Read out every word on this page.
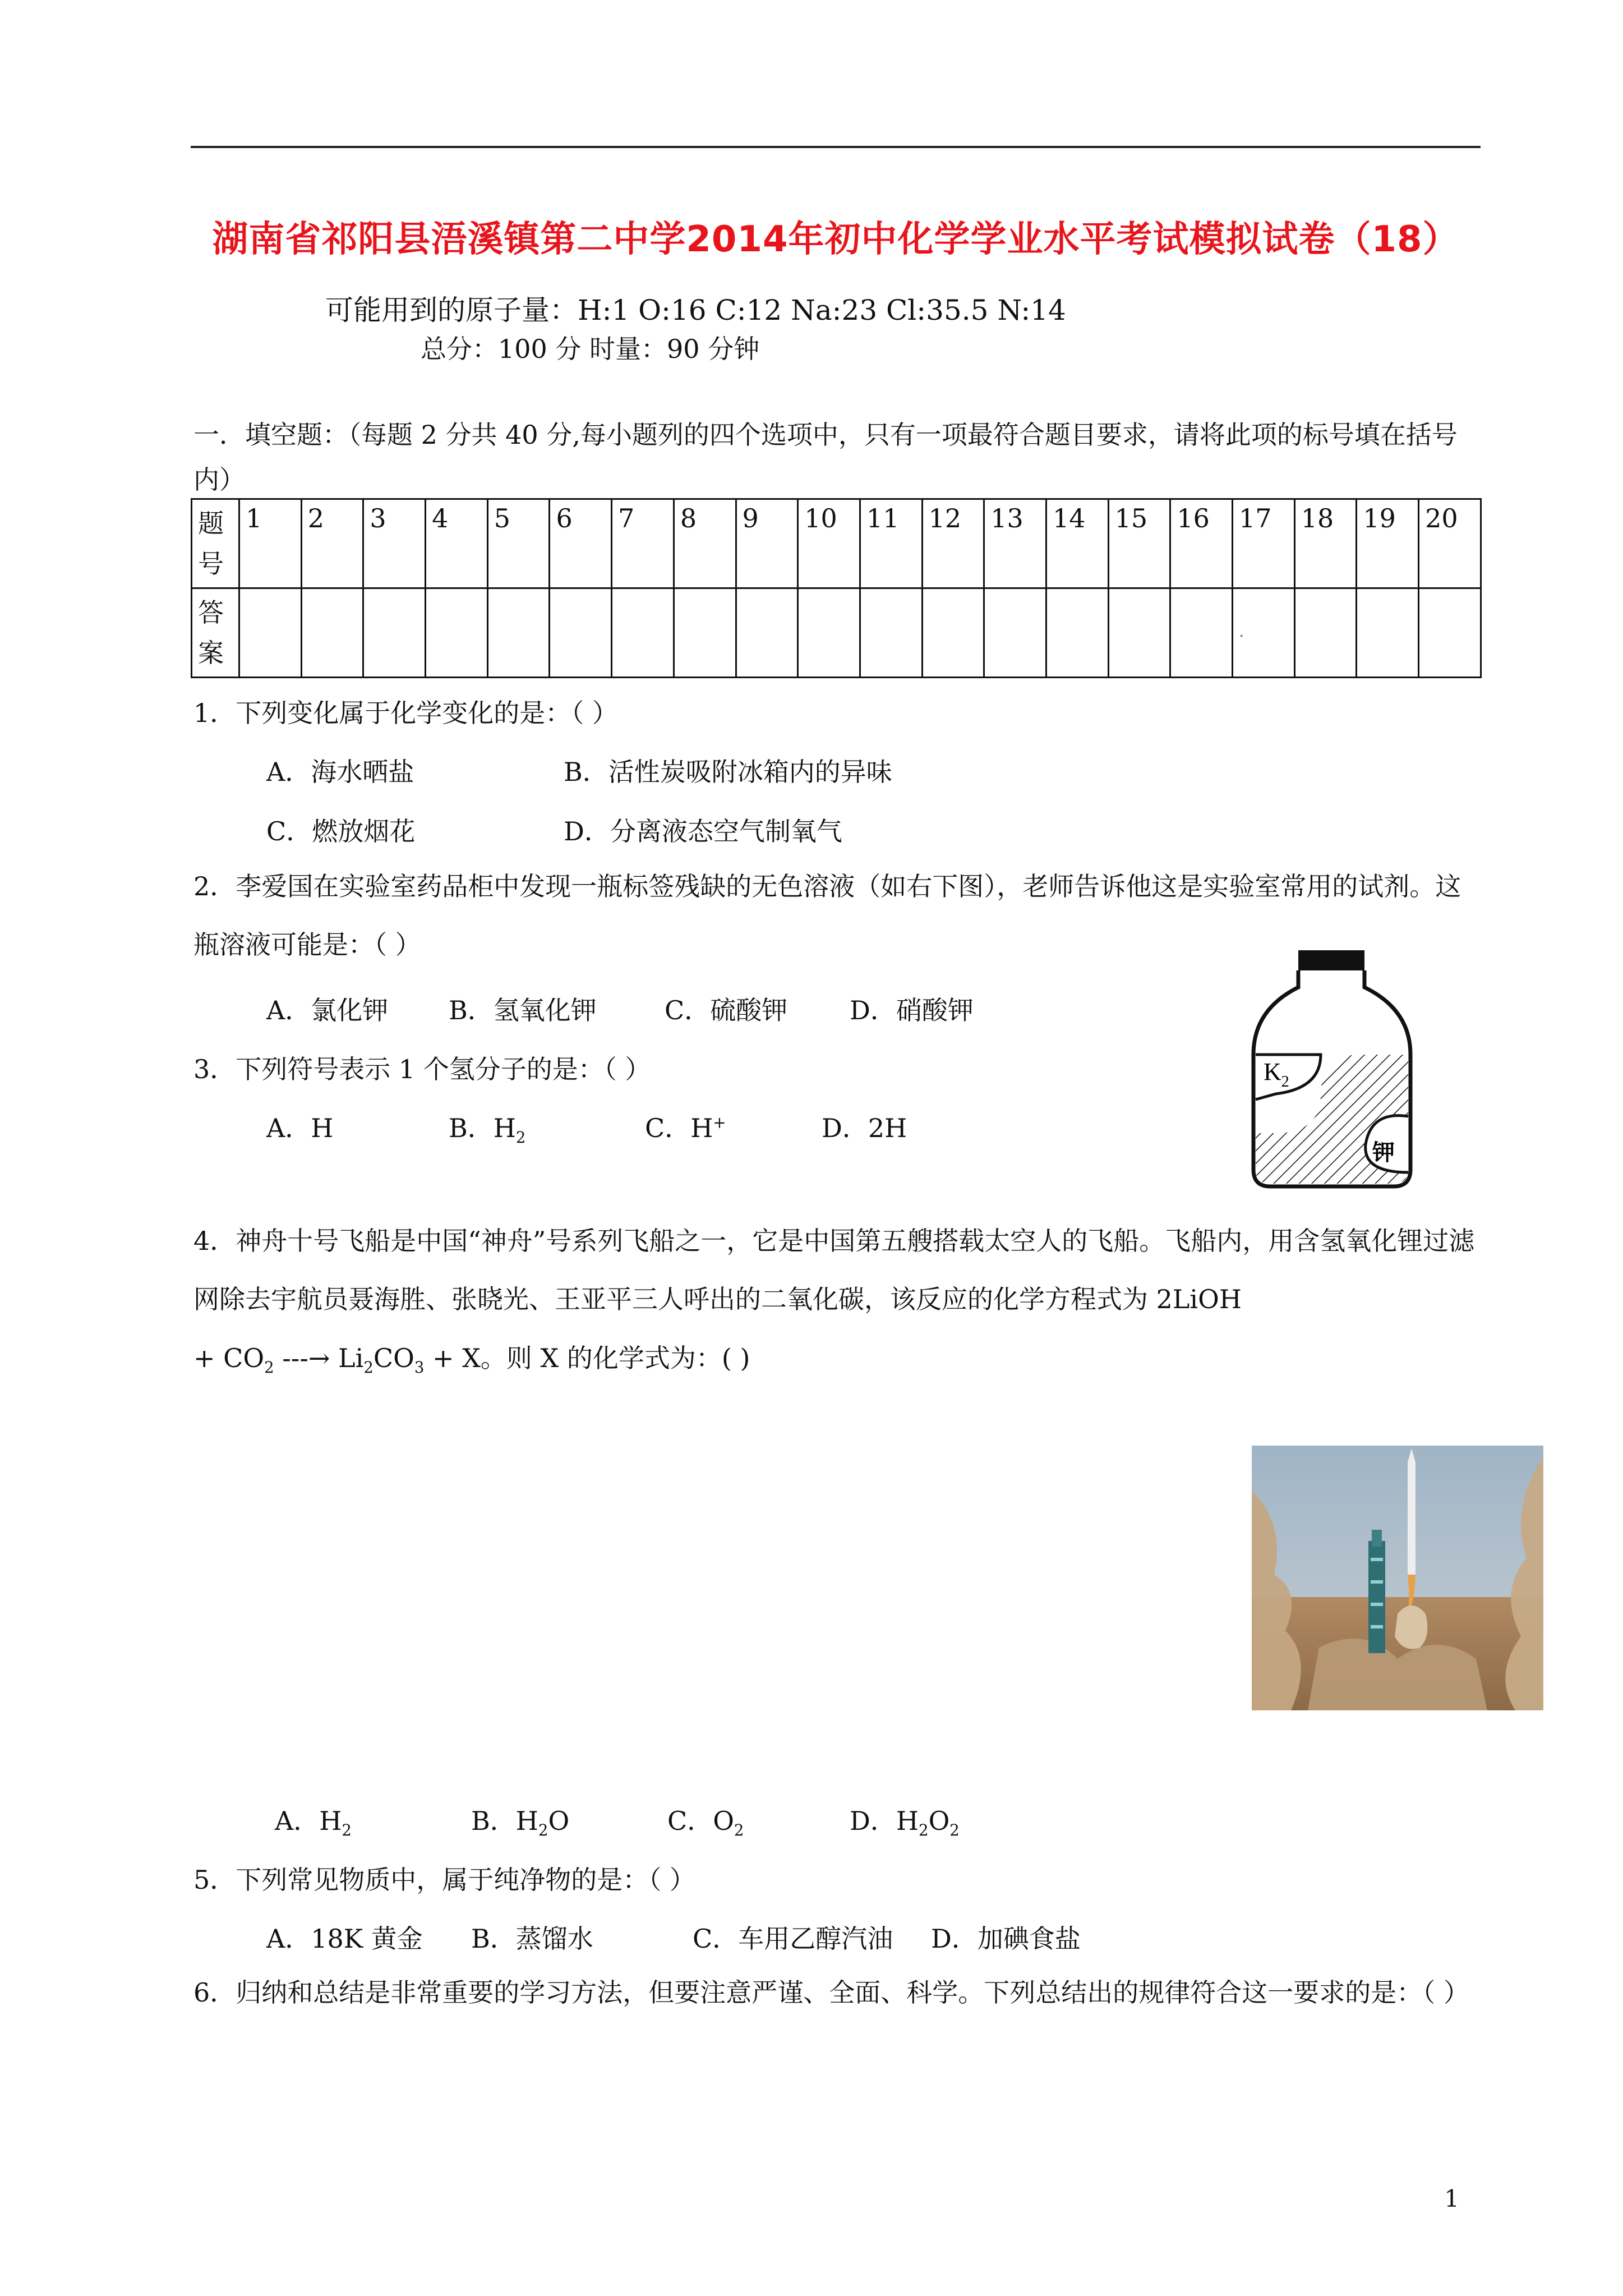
湖南省祁阳县浯溪镇第二中学2014年初中化学学业水平考试模拟试卷（18）
可能用到的原子量：H:1 O:16 C:12 Na:23 Cl:35.5 N:14
总分：100 分 时量：90 分钟
一．填空题：（每题 2 分共 40 分,每小题列的四个选项中，只有一项最符合题目要求，请将此项的标号填在括号内）
题
号	1	2	3	4	5	6	7	8	9	10	11	12	13	14	15	16	17	18	19	20

答
案																	·			
1．下列变化属于化学变化的是：（ ）
A．海水晒盐	B．活性炭吸附冰箱内的异味
C．燃放烟花	D．分离液态空气制氧气
2．李爱国在实验室药品柜中发现一瓶标签残缺的无色溶液（如右下图），老师告诉他这是实验室常用的试剂。这瓶溶液可能是：（ ）
A．氯化钾 B．氢氧化钾	C．硫酸钾 D．硝酸钾
$K_2$
钾
3．下列符号表示 1 个氢分子的是：（ ）
A．H	B．$H_2$	C．H+	D．2H
4．神舟十号飞船是中国“神舟”号系列飞船之一，它是中国第五艘搭载太空人的飞船。飞船内，用含氢氧化锂过滤网除去宇航员聂海胜、张晓光、王亚平三人呼出的二氧化碳，该反应的化学方程式为 2LiOH
+ $CO_2$ ---→ $Li_2CO_3 + X$。则 X 的化学式为：( )
A．$H_2$	B．$H_2O$	C．$O_2$	D．$H_2O_2$
5．下列常见物质中，属于纯净物的是：（ ）
A．18K 黄金 B．蒸馏水	C．车用乙醇汽油 D．加碘食盐
6．归纳和总结是非常重要的学习方法，但要注意严谨、全面、科学。下列总结出的规律符合这一要求的是：（ ）
1
